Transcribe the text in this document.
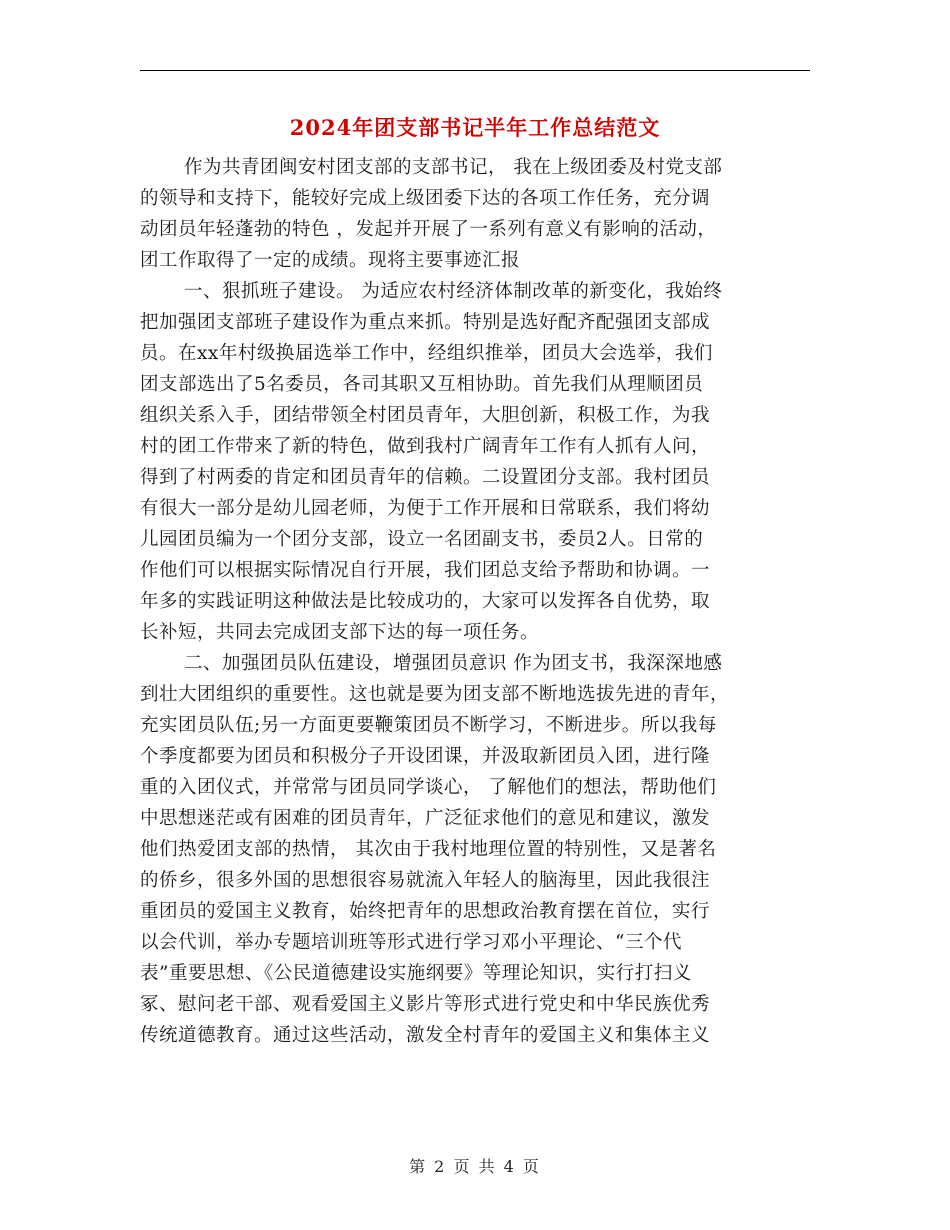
2024年团支部书记半年工作总结范文
作为共青团闽安村团支部的支部书记， 我在上级团委及村党支部
的领导和支持下，能较好完成上级团委下达的各项工作任务，充分调
动团员年轻蓬勃的特色 ，发起并开展了一系列有意义有影响的活动，
团工作取得了一定的成绩。现将主要事迹汇报
一、狠抓班子建设。 为适应农村经济体制改革的新变化，我始终
把加强团支部班子建设作为重点来抓。特别是选好配齐配强团支部成
员。在xx年村级换届选举工作中，经组织推举，团员大会选举，我们
团支部选出了5名委员，各司其职又互相协助。首先我们从理顺团员
组织关系入手，团结带领全村团员青年，大胆创新，积极工作，为我
村的团工作带来了新的特色，做到我村广阔青年工作有人抓有人问，
得到了村两委的肯定和团员青年的信赖。二设置团分支部。我村团员
有很大一部分是幼儿园老师，为便于工作开展和日常联系，我们将幼
儿园团员编为一个团分支部，设立一名团副支书，委员2人。日常的
作他们可以根据实际情况自行开展，我们团总支给予帮助和协调。一
年多的实践证明这种做法是比较成功的，大家可以发挥各自优势，取
长补短，共同去完成团支部下达的每一项任务。
二、加强团员队伍建设，增强团员意识 作为团支书，我深深地感
到壮大团组织的重要性。这也就是要为团支部不断地选拔先进的青年，
充实团员队伍;另一方面更要鞭策团员不断学习，不断进步。所以我每
个季度都要为团员和积极分子开设团课，并汲取新团员入团，进行隆
重的入团仪式，并常常与团员同学谈心， 了解他们的想法，帮助他们
中思想迷茫或有困难的团员青年，广泛征求他们的意见和建议，激发
他们热爱团支部的热情， 其次由于我村地理位置的特别性，又是著名
的侨乡，很多外国的思想很容易就流入年轻人的脑海里，因此我很注
重团员的爱国主义教育，始终把青年的思想政治教育摆在首位，实行
以会代训，举办专题培训班等形式进行学习邓小平理论、“三个代
表”重要思想、《公民道德建设实施纲要》等理论知识，实行打扫义
冢、慰问老干部、观看爱国主义影片等形式进行党史和中华民族优秀
传统道德教育。通过这些活动，激发全村青年的爱国主义和集体主义
第 2 页 共 4 页
